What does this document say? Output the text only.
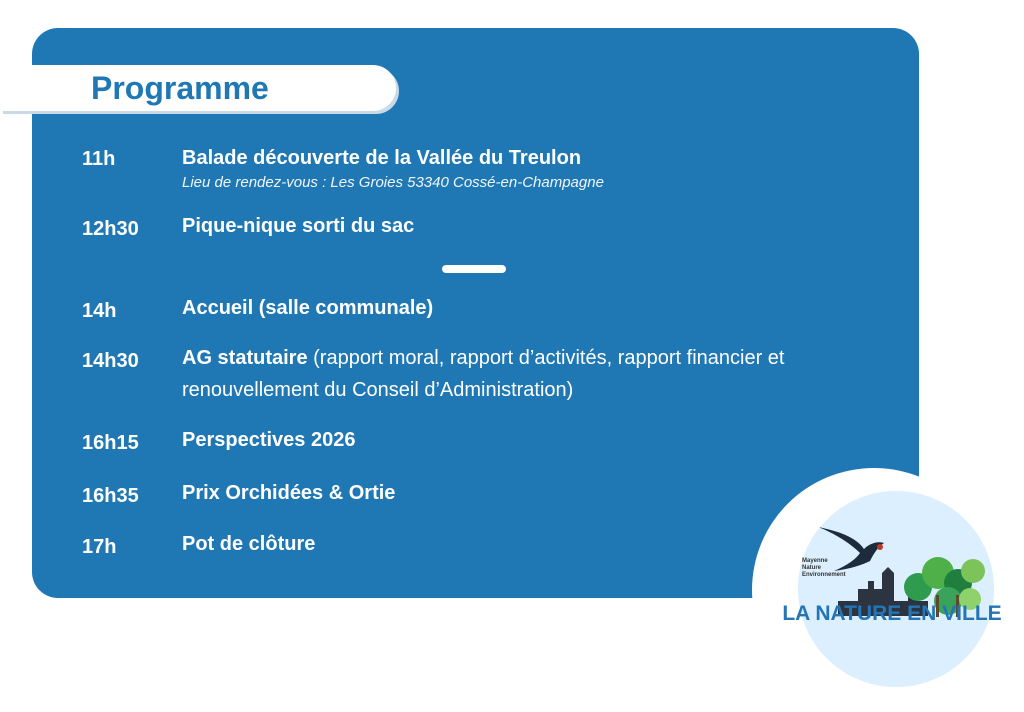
Programme
11h	Balade découverte de la Vallée du Treulon
Lieu de rendez-vous : Les Groies 53340 Cossé-en-Champagne
12h30 Pique-nique sorti du sac
14h	Accueil (salle communale)
14h30 AG statutaire (rapport moral, rapport d’activités, rapport financier et renouvellement du Conseil d’Administration)
16h15 Perspectives 2026
16h35 Prix Orchidées & Ortie
17h	Pot de clôture
Mayenne
Nature
Environnement
LA NATURE EN VILLE
